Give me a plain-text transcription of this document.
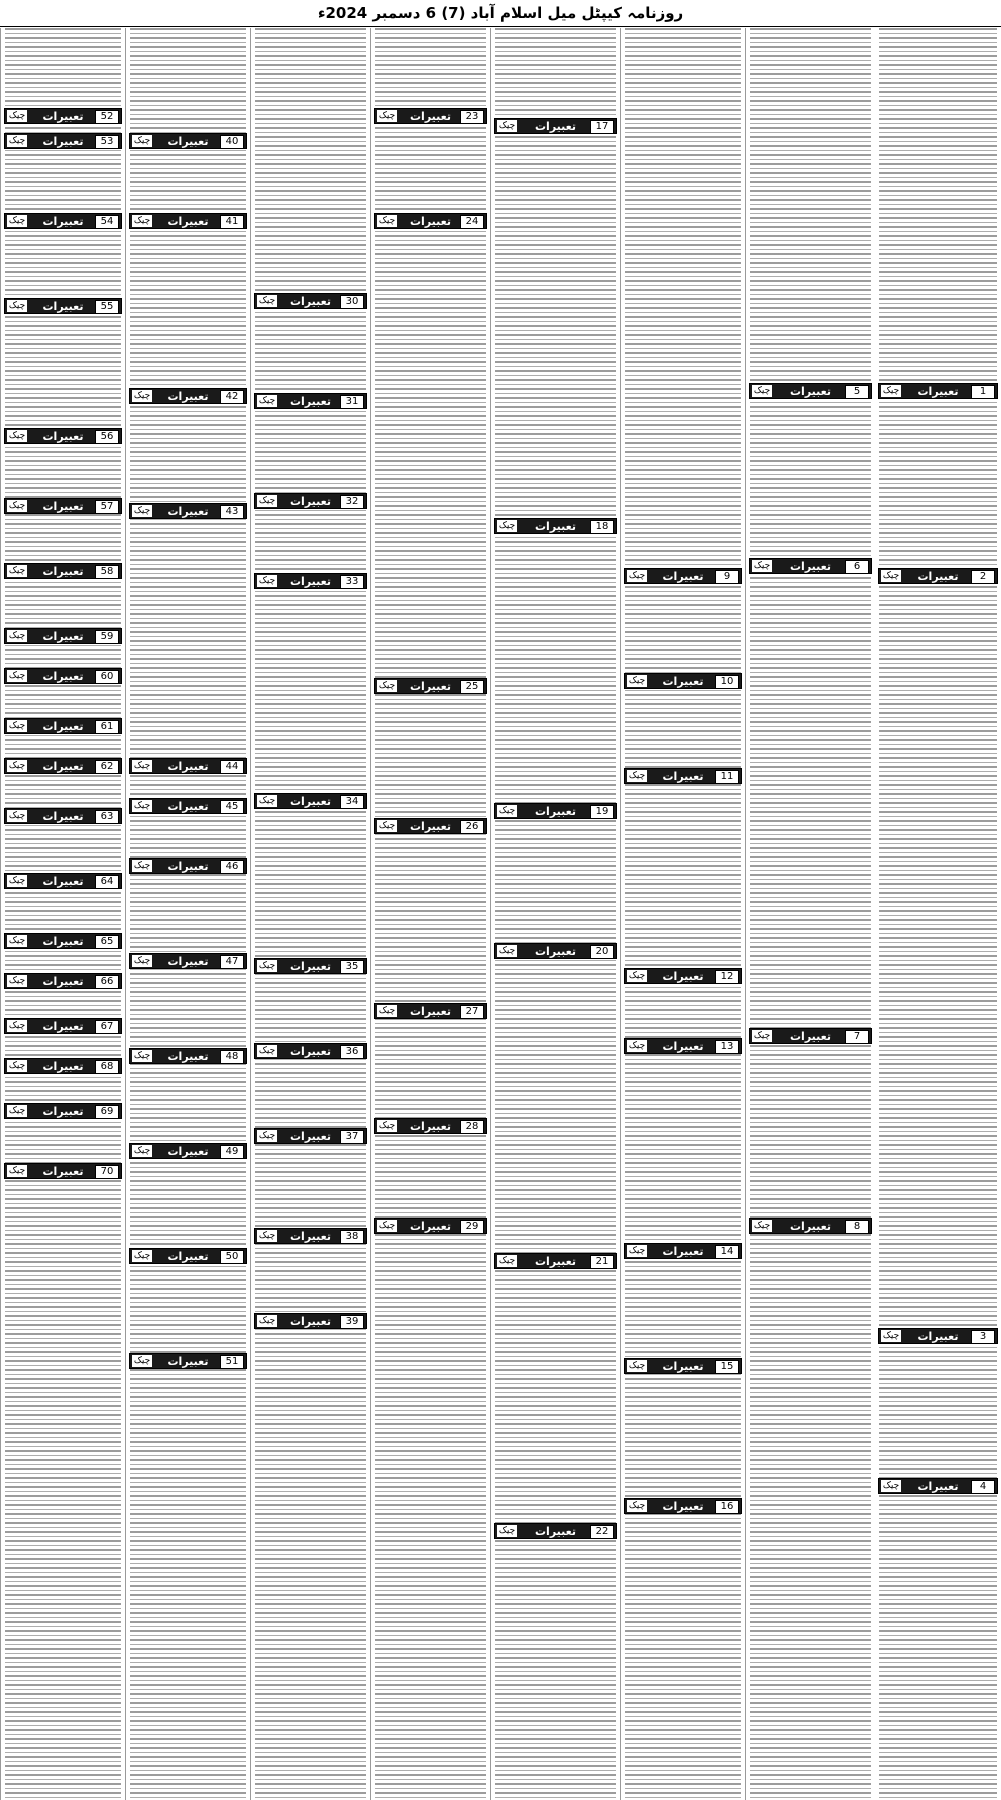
روزنامہ کیپٹل میل اسلام آباد (7) 6 دسمبر 2024ء
1
تعبیرات
چیک
2
تعبیرات
چیک
3
تعبیرات
چیک
4
تعبیرات
چیک
5
تعبیرات
چیک
6
تعبیرات
چیک
7
تعبیرات
چیک
8
تعبیرات
چیک
9
تعبیرات
چیک
10
تعبیرات
چیک
11
تعبیرات
چیک
12
تعبیرات
چیک
13
تعبیرات
چیک
14
تعبیرات
چیک
15
تعبیرات
چیک
16
تعبیرات
چیک
17
تعبیرات
چیک
18
تعبیرات
چیک
19
تعبیرات
چیک
20
تعبیرات
چیک
21
تعبیرات
چیک
22
تعبیرات
چیک
23
تعبیرات
چیک
24
تعبیرات
چیک
25
تعبیرات
چیک
26
تعبیرات
چیک
27
تعبیرات
چیک
28
تعبیرات
چیک
29
تعبیرات
چیک
30
تعبیرات
چیک
31
تعبیرات
چیک
32
تعبیرات
چیک
33
تعبیرات
چیک
34
تعبیرات
چیک
35
تعبیرات
چیک
36
تعبیرات
چیک
37
تعبیرات
چیک
38
تعبیرات
چیک
39
تعبیرات
چیک
40
تعبیرات
چیک
41
تعبیرات
چیک
42
تعبیرات
چیک
43
تعبیرات
چیک
44
تعبیرات
چیک
45
تعبیرات
چیک
46
تعبیرات
چیک
47
تعبیرات
چیک
48
تعبیرات
چیک
49
تعبیرات
چیک
50
تعبیرات
چیک
51
تعبیرات
چیک
52
تعبیرات
چیک
53
تعبیرات
چیک
54
تعبیرات
چیک
55
تعبیرات
چیک
56
تعبیرات
چیک
57
تعبیرات
چیک
58
تعبیرات
چیک
59
تعبیرات
چیک
60
تعبیرات
چیک
61
تعبیرات
چیک
62
تعبیرات
چیک
63
تعبیرات
چیک
64
تعبیرات
چیک
65
تعبیرات
چیک
66
تعبیرات
چیک
67
تعبیرات
چیک
68
تعبیرات
چیک
69
تعبیرات
چیک
70
تعبیرات
چیک
